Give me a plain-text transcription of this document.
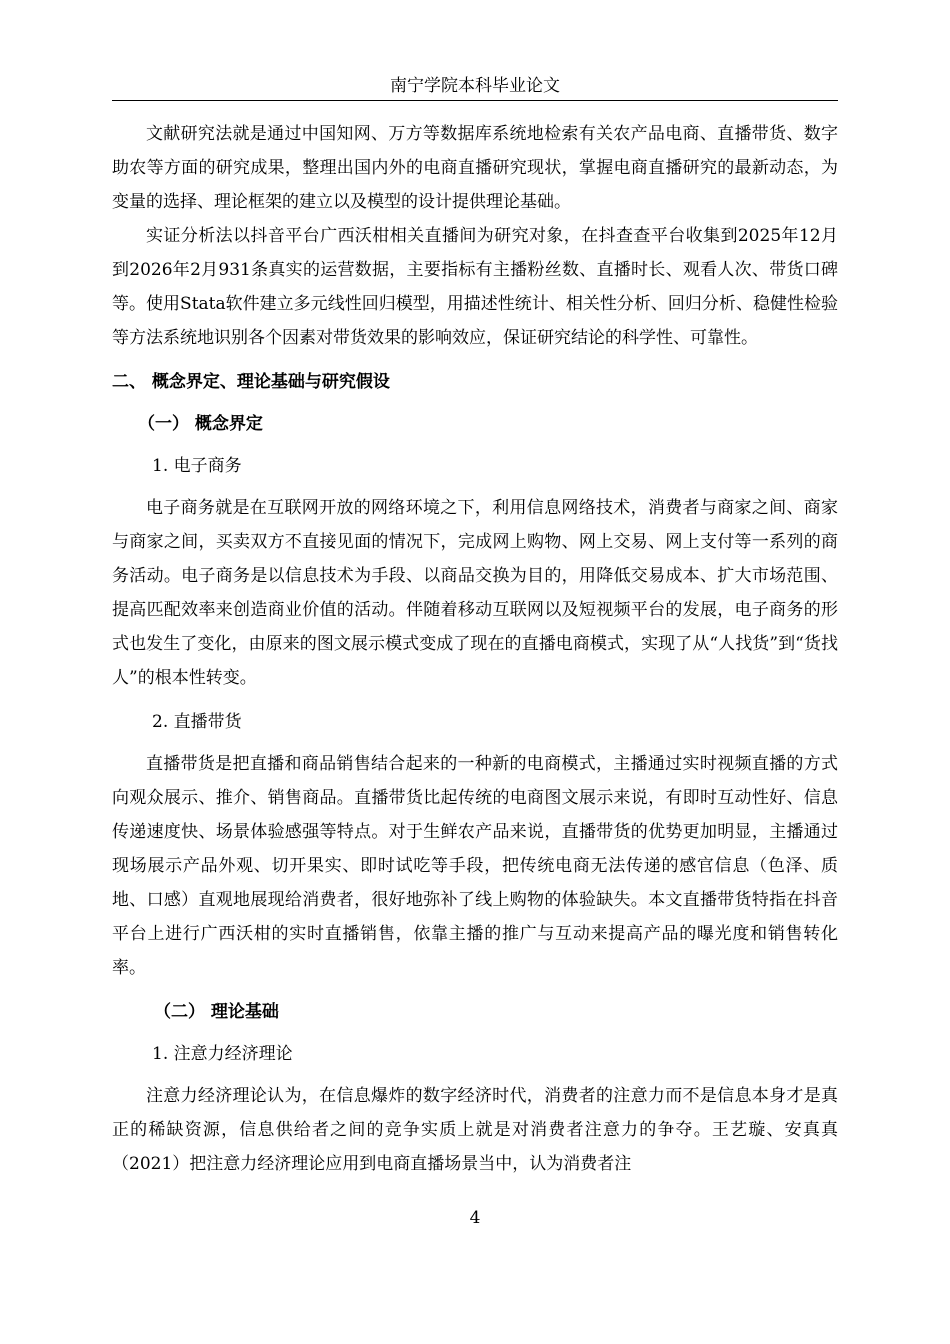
南宁学院本科毕业论文

文献研究法就是通过中国知网、万方等数据库系统地检索有关农产品电商、直播带货、数字助农等方面的研究成果，整理出国内外的电商直播研究现状，掌握电商直播研究的最新动态，为变量的选择、理论框架的建立以及模型的设计提供理论基础。

实证分析法以抖音平台广西沃柑相关直播间为研究对象，在抖查查平台收集到2025年12月到2026年2月931条真实的运营数据，主要指标有主播粉丝数、直播时长、观看人次、带货口碑等。使用Stata软件建立多元线性回归模型，用描述性统计、相关性分析、回归分析、稳健性检验等方法系统地识别各个因素对带货效果的影响效应，保证研究结论的科学性、可靠性。

二、 概念界定、理论基础与研究假设

（一） 概念界定

1. 电子商务

电子商务就是在互联网开放的网络环境之下，利用信息网络技术，消费者与商家之间、商家与商家之间，买卖双方不直接见面的情况下，完成网上购物、网上交易、网上支付等一系列的商务活动。电子商务是以信息技术为手段、以商品交换为目的，用降低交易成本、扩大市场范围、提高匹配效率来创造商业价值的活动。伴随着移动互联网以及短视频平台的发展，电子商务的形式也发生了变化，由原来的图文展示模式变成了现在的直播电商模式，实现了从“人找货”到“货找人”的根本性转变。

2. 直播带货

直播带货是把直播和商品销售结合起来的一种新的电商模式，主播通过实时视频直播的方式向观众展示、推介、销售商品。直播带货比起传统的电商图文展示来说，有即时互动性好、信息传递速度快、场景体验感强等特点。对于生鲜农产品来说，直播带货的优势更加明显，主播通过现场展示产品外观、切开果实、即时试吃等手段，把传统电商无法传递的感官信息（色泽、质地、口感）直观地展现给消费者，很好地弥补了线上购物的体验缺失。本文直播带货特指在抖音平台上进行广西沃柑的实时直播销售，依靠主播的推广与互动来提高产品的曝光度和销售转化率。

（二） 理论基础

1. 注意力经济理论

注意力经济理论认为，在信息爆炸的数字经济时代，消费者的注意力而不是信息本身才是真正的稀缺资源，信息供给者之间的竞争实质上就是对消费者注意力的争夺。王艺璇、安真真（2021）把注意力经济理论应用到电商直播场景当中，认为消费者注

4
